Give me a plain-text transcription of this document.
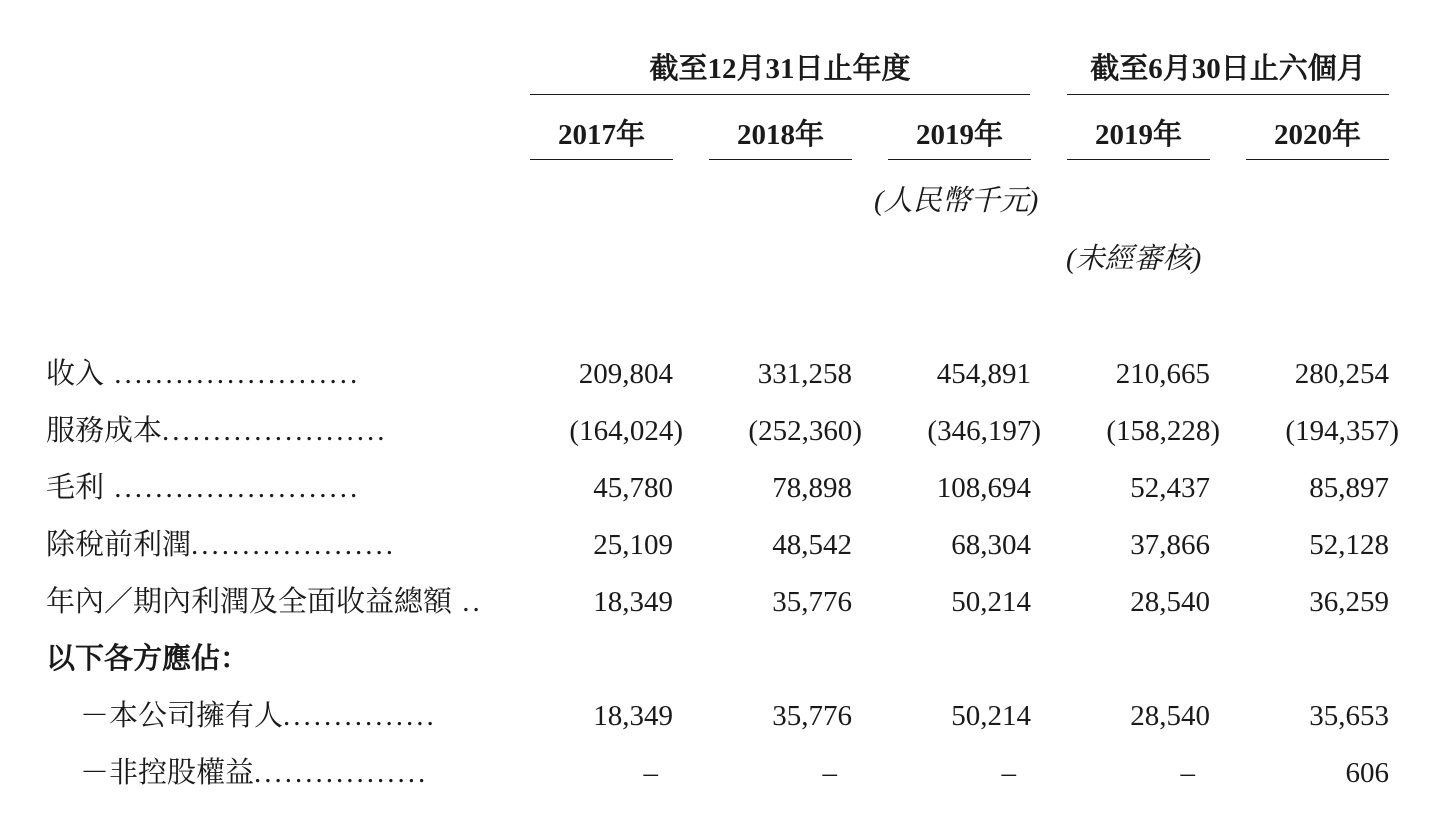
截至12月31日止年度	截至6月30日止六個月
2017年	2018年	2019年	2019年	2020年
(人民幣千元)
(未經審核)
收入 ........................	209,804	331,258	454,891	210,665	280,254
服務成本......................	(164,024)	(252,360)	(346,197)	(158,228)	(194,357)
毛利 ........................	45,780	78,898	108,694	52,437	85,897
除稅前利潤....................	25,109	48,542	68,304	37,866	52,128
年內／期內利潤及全面收益總額 ..	18,349	35,776	50,214	28,540	36,259
以下各方應佔：
－本公司擁有人...............	18,349	35,776	50,214	28,540	35,653
－非控股權益.................	–	–	–	–	606
